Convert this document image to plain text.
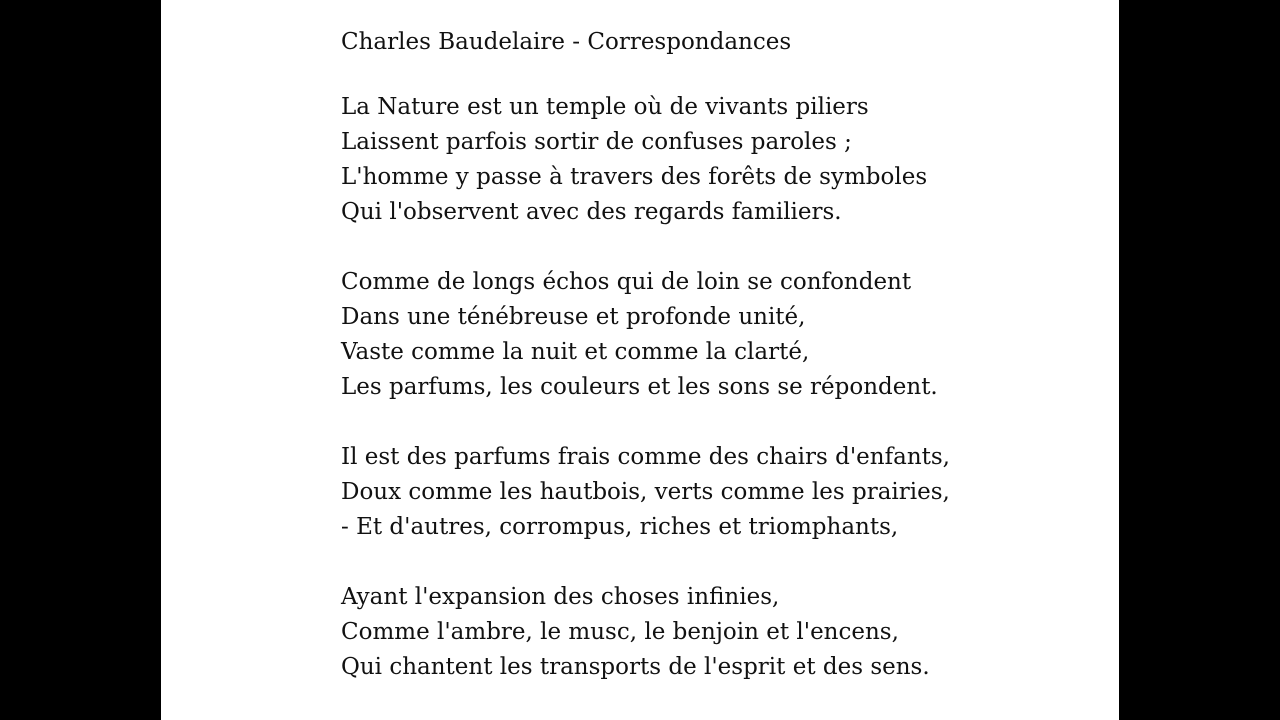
Charles Baudelaire - Correspondances
La Nature est un temple où de vivants piliers
Laissent parfois sortir de confuses paroles ;
L'homme y passe à travers des forêts de symboles
Qui l'observent avec des regards familiers.
Comme de longs échos qui de loin se confondent
Dans une ténébreuse et profonde unité,
Vaste comme la nuit et comme la clarté,
Les parfums, les couleurs et les sons se répondent.
Il est des parfums frais comme des chairs d'enfants,
Doux comme les hautbois, verts comme les prairies,
- Et d'autres, corrompus, riches et triomphants,
Ayant l'expansion des choses infinies,
Comme l'ambre, le musc, le benjoin et l'encens,
Qui chantent les transports de l'esprit et des sens.
